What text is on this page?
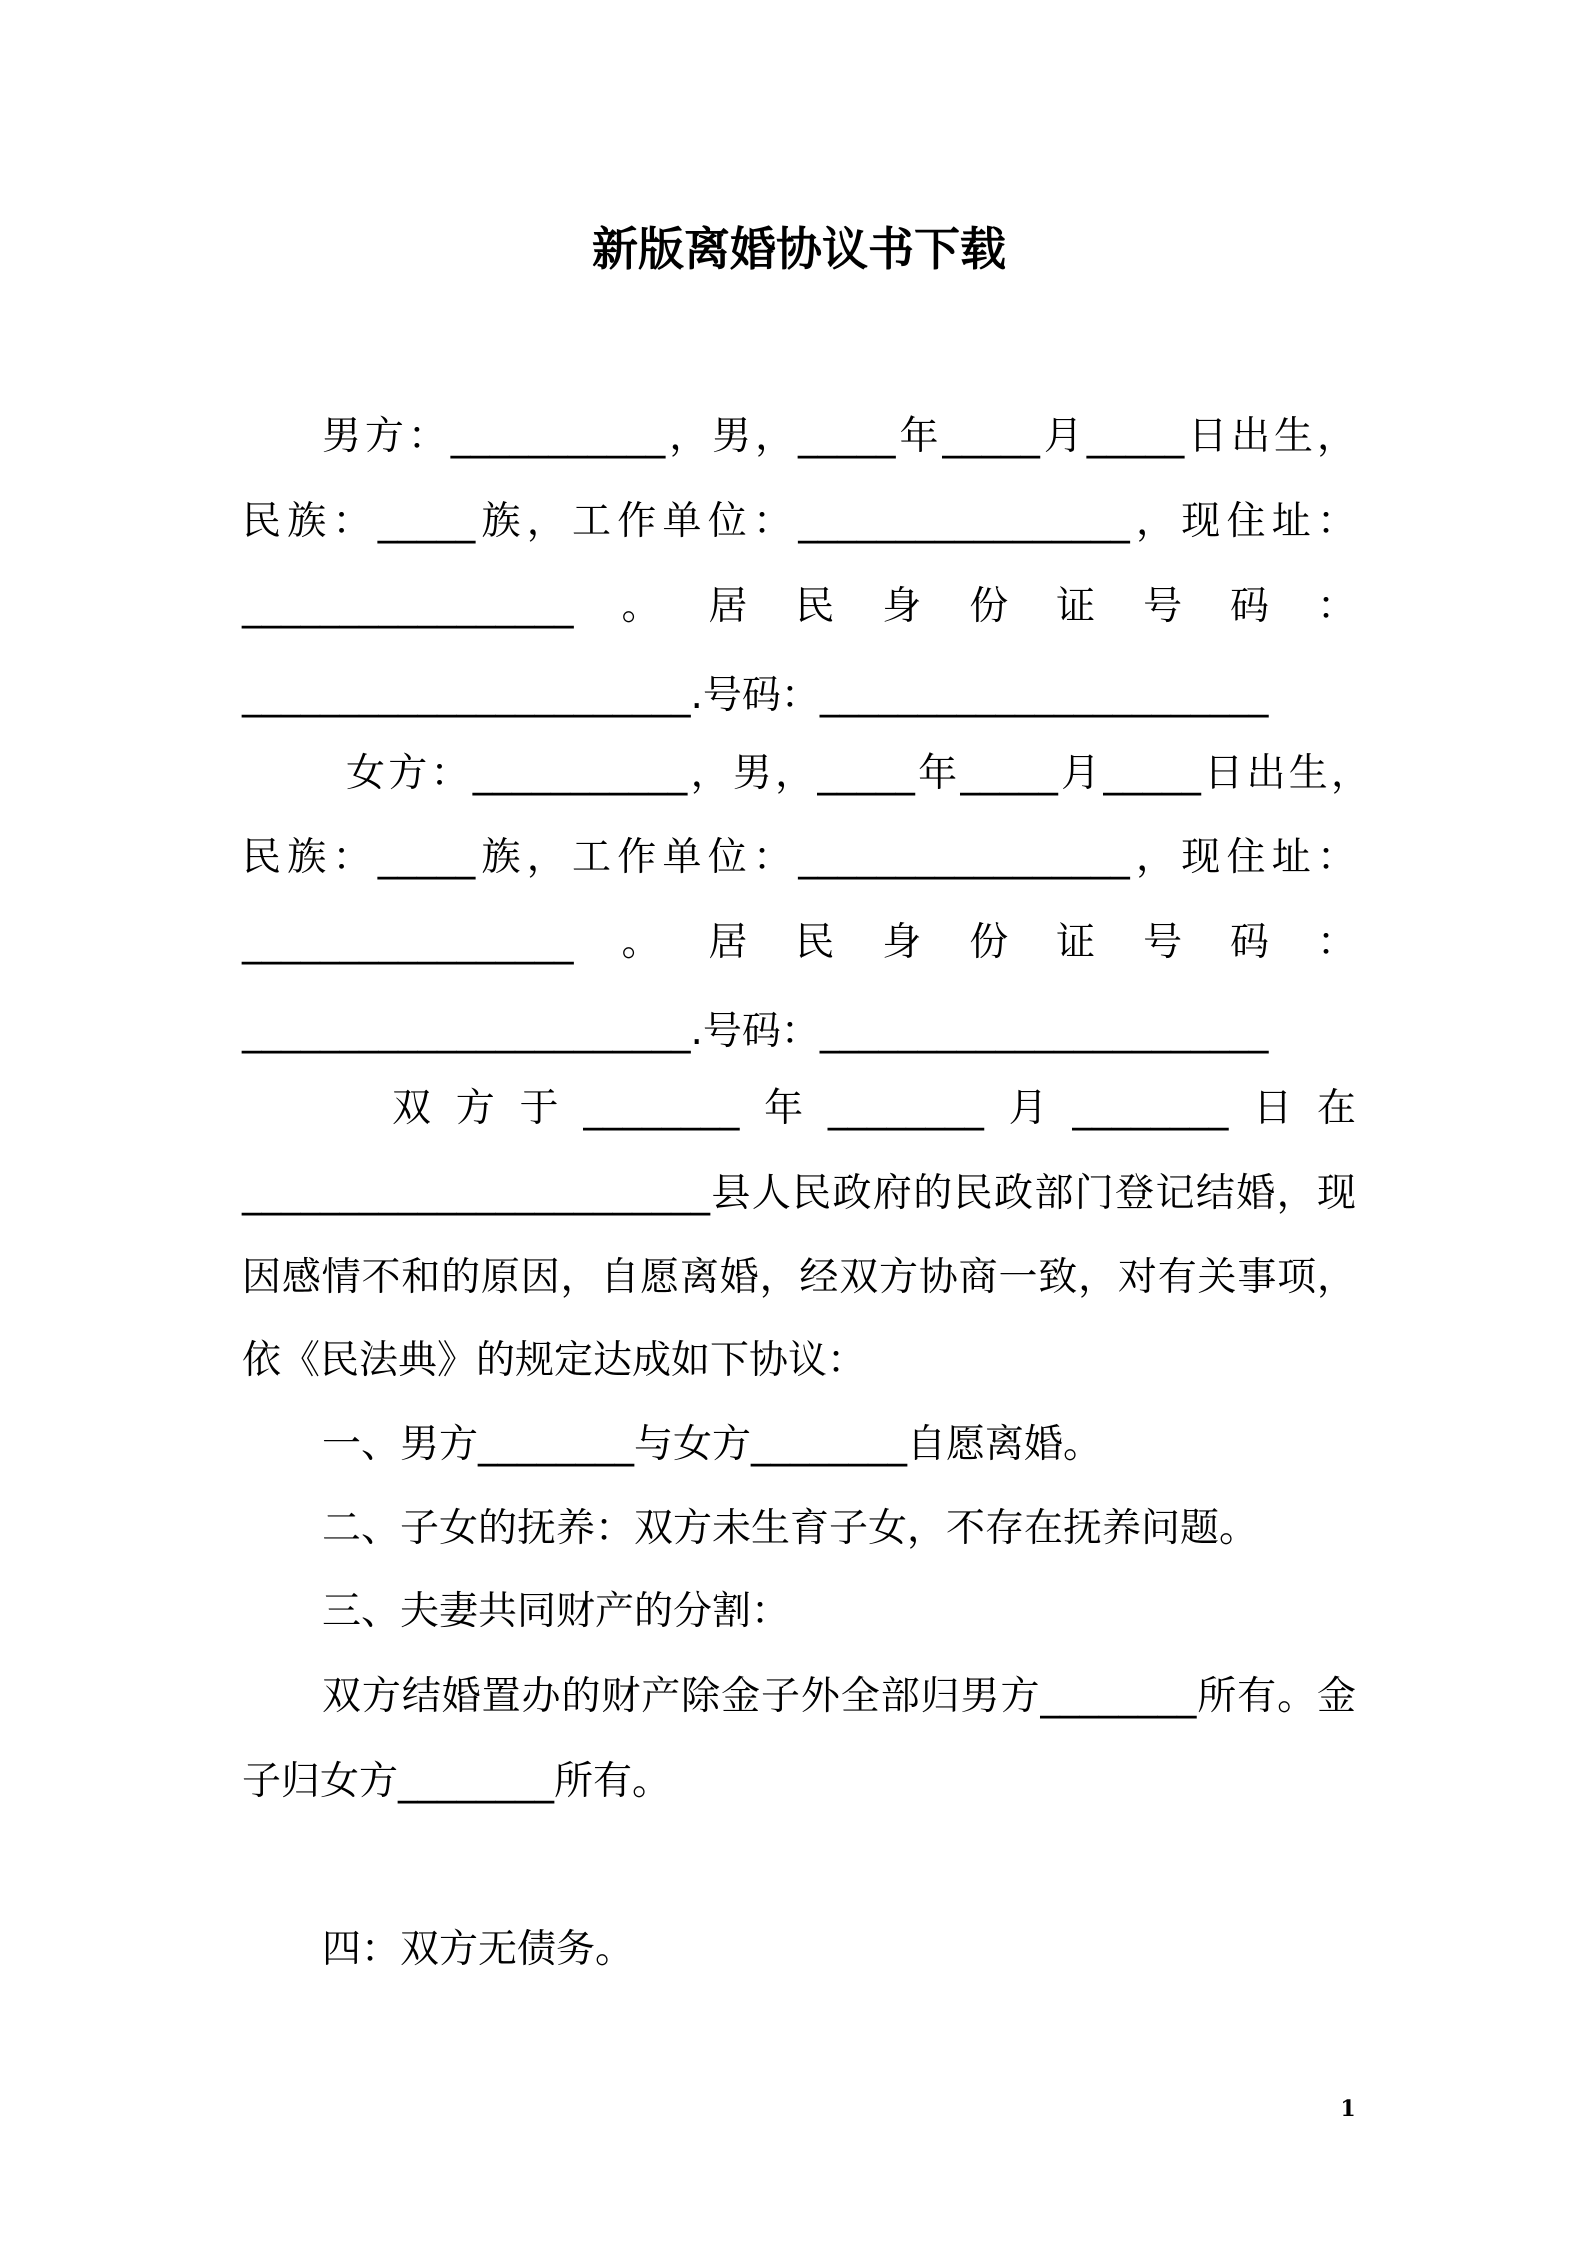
新版离婚协议书下载
男方：___________，男，_____年_____月_____日出生，
民族：_____族，工作单位：_________________，现住址：
_________________。居民身份证号码：
_______________________.号码：_______________________
女方：___________，男，_____年_____月_____日出生，
民族：_____族，工作单位：_________________，现住址：
_________________。居民身份证号码：
_______________________.号码：_______________________
双方于________年________月________日在
________________________县人民政府的民政部门登记结婚，现
因感情不和的原因，自愿离婚，经双方协商一致，对有关事项，
依《民法典》的规定达成如下协议：
一、男方________与女方________自愿离婚。
二、子女的抚养：双方未生育子女，不存在抚养问题。
三、夫妻共同财产的分割：
双方结婚置办的财产除金子外全部归男方________所有。金
子归女方________所有。
四：双方无债务。
1
